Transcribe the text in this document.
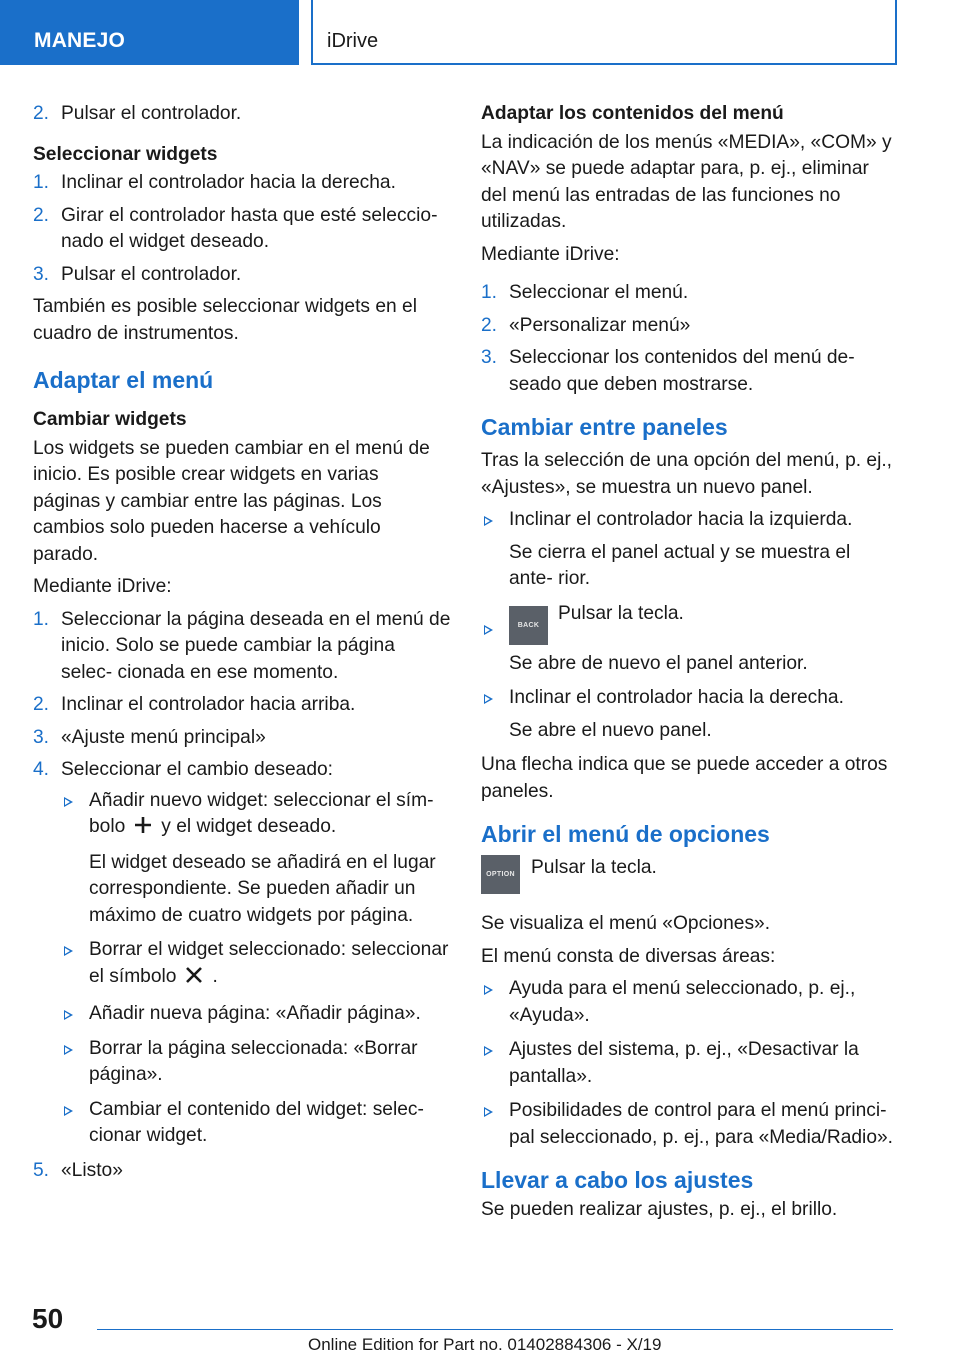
MANEJO	iDrive
2. Pulsar el controlador.
Seleccionar widgets
1. Inclinar el controlador hacia la derecha.
2. Girar el controlador hasta que esté seleccio‐ nado el widget deseado.
3. Pulsar el controlador.
También es posible seleccionar widgets en el cuadro de instrumentos.
Adaptar el menú
Cambiar widgets
Los widgets se pueden cambiar en el menú de inicio. Es posible crear widgets en varias páginas y cambiar entre las páginas. Los cambios solo pueden hacerse a vehículo parado.
Mediante iDrive:
1. Seleccionar la página deseada en el menú de inicio. Solo se puede cambiar la página selec‐ cionada en ese momento.
2. Inclinar el controlador hacia arriba.
3. «Ajuste menú principal»
4. Seleccionar el cambio deseado:
Añadir nuevo widget: seleccionar el sím‐ bolo y el widget deseado.
El widget deseado se añadirá en el lugar correspondiente. Se pueden añadir un máximo de cuatro widgets por página.
Borrar el widget seleccionado: seleccionar el símbolo .
Añadir nueva página: «Añadir página».
Borrar la página seleccionada: «Borrar página».
Cambiar el contenido del widget: selec‐ cionar widget.
5. «Listo»
Adaptar los contenidos del menú
La indicación de los menús «MEDIA», «COM» y «NAV» se puede adaptar para, p. ej., eliminar del menú las entradas de las funciones no utilizadas.
Mediante iDrive:
1. Seleccionar el menú.
2. «Personalizar menú»
3. Seleccionar los contenidos del menú de‐ seado que deben mostrarse.
Cambiar entre paneles
Tras la selección de una opción del menú, p. ej., «Ajustes», se muestra un nuevo panel.
Inclinar el controlador hacia la izquierda.
Se cierra el panel actual y se muestra el ante‐ rior.
BACKPulsar la tecla.
Se abre de nuevo el panel anterior.
Inclinar el controlador hacia la derecha.
Se abre el nuevo panel.
Una flecha indica que se puede acceder a otros paneles.
Abrir el menú de opciones
OPTION Pulsar la tecla.
Se visualiza el menú «Opciones».
El menú consta de diversas áreas:
Ayuda para el menú seleccionado, p. ej., «Ayuda».
Ajustes del sistema, p. ej., «Desactivar la pantalla».
Posibilidades de control para el menú princi‐ pal seleccionado, p. ej., para «Media/Radio».
Llevar a cabo los ajustes
Se pueden realizar ajustes, p. ej., el brillo.
50
Online Edition for Part no. 01402884306 - X/19
